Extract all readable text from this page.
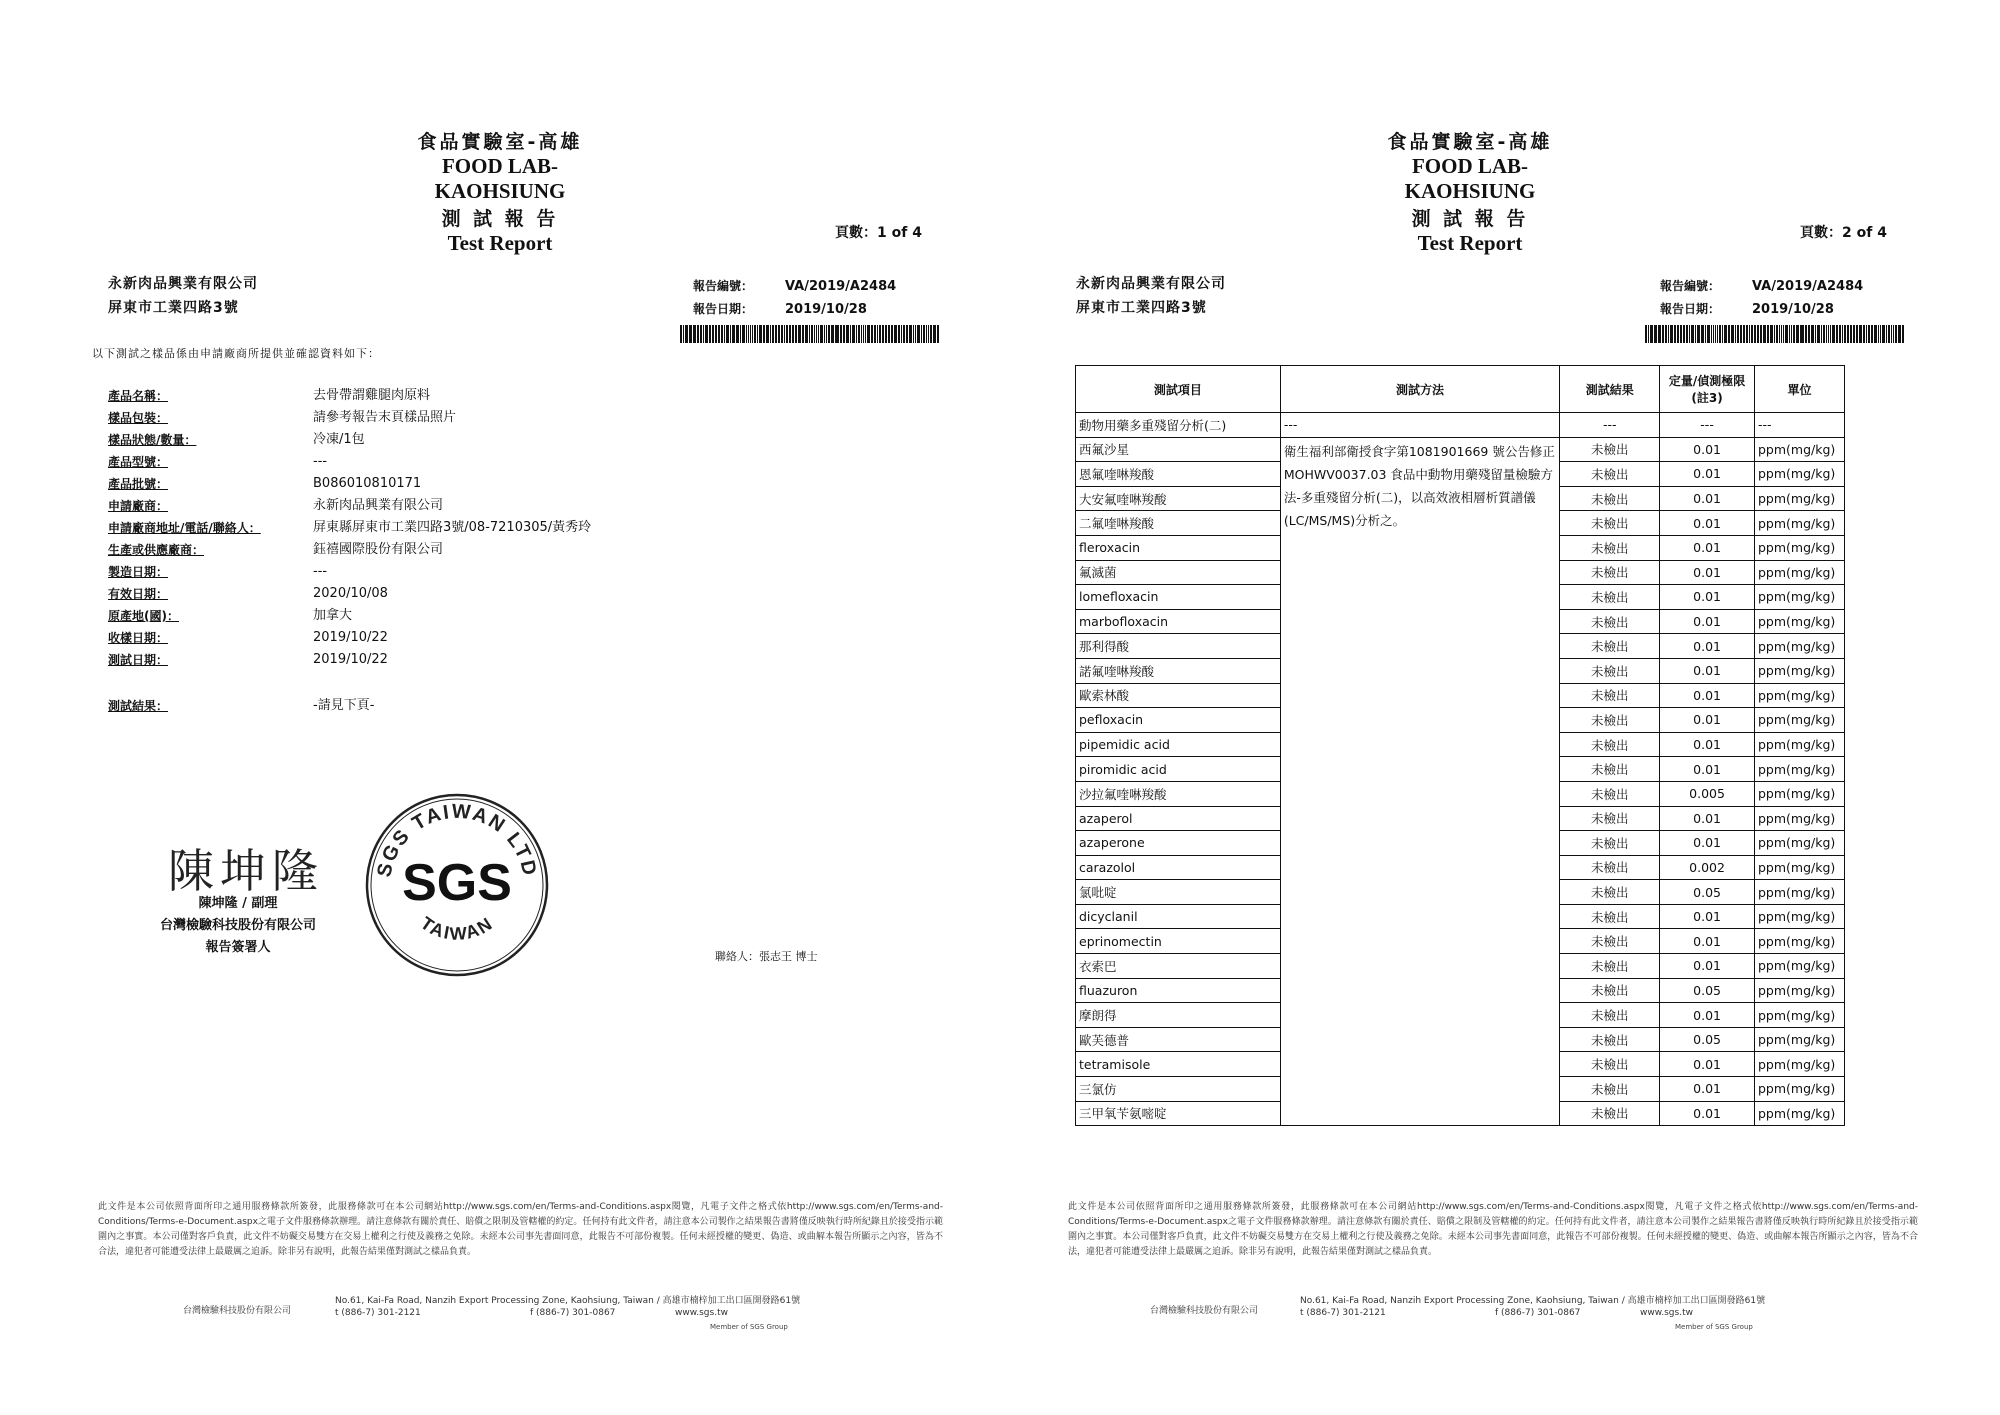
食品實驗室-高雄
FOOD LAB-KAOHSIUNG
測 試 報 告
Test Report	頁數：1 of 4
永新肉品興業有限公司
屏東市工業四路3號
報告編號：	VA/2019/A2484
報告日期：	2019/10/28
以下測試之樣品係由申請廠商所提供並確認資料如下：
產品名稱：	去骨帶謂雞腿肉原料
樣品包裝：	請參考報告末頁樣品照片
樣品狀態/數量：	冷凍/1包
產品型號：	---
產品批號：	B086010810171
申請廠商：	永新肉品興業有限公司
申請廠商地址/電話/聯絡人：	屏東縣屏東市工業四路3號/08-7210305/黃秀玲
生產或供應廠商：	鈺禧國際股份有限公司
製造日期：	---
有效日期：	2020/10/08
原產地(國)：	加拿大
收樣日期：	2019/10/22
測試日期：	2019/10/22
測試結果：	-請見下頁-
陳坤隆
陳坤隆 / 副理
台灣檢驗科技股份有限公司
報告簽署人
SGS TAIWAN LTD
SGS
TAIWAN
聯絡人：張志王 博士
此文件是本公司依照背面所印之通用服務條款所簽發，此服務條款可在本公司網站http://www.sgs.com/en/Terms-and-Conditions.aspx閱覽，凡電子文件之格式依http://www.sgs.com/en/Terms-and-Conditions/Terms-e-Document.aspx之電子文件服務條款辦理。請注意條款有關於責任、賠償之限制及管轄權的約定。任何持有此文件者，請注意本公司製作之結果報告書將僅反映執行時所紀錄且於接受指示範圍內之事實。本公司僅對客戶負責，此文件不妨礙交易雙方在交易上權利之行使及義務之免除。未經本公司事先書面同意，此報告不可部份複製。任何未經授權的變更、偽造、或曲解本報告所顯示之內容，皆為不合法，違犯者可能遭受法律上最嚴厲之追訴。除非另有說明，此報告結果僅對測試之樣品負責。
台灣檢驗科技股份有限公司
No.61, Kai-Fa Road, Nanzih Export Processing Zone, Kaohsiung, Taiwan / 高雄市楠梓加工出口區開發路61號
t (886-7) 301-2121	f (886-7) 301-0867	www.sgs.tw
Member of SGS Group
食品實驗室-高雄
FOOD LAB-KAOHSIUNG
測 試 報 告
Test Report	頁數：2 of 4
永新肉品興業有限公司
屏東市工業四路3號
報告編號：	VA/2019/A2484
報告日期：	2019/10/28
測試項目	測試方法	測試結果	定量/偵測極限(註3)	單位
動物用藥多重殘留分析(二)	---	---	---	---
西氟沙星	衛生福利部衛授食字第1081901669 號公告修正MOHWV0037.03 食品中動物用藥殘留量檢驗方法-多重殘留分析(二)，以高效液相層析質譜儀(LC/MS/MS)分析之。	未檢出	0.01	ppm(mg/kg)
恩氟喹啉羧酸		未檢出	0.01	ppm(mg/kg)
大安氟喹啉羧酸		未檢出	0.01	ppm(mg/kg)
二氟喹啉羧酸		未檢出	0.01	ppm(mg/kg)
fleroxacin		未檢出	0.01	ppm(mg/kg)
氟滅菌		未檢出	0.01	ppm(mg/kg)
lomefloxacin		未檢出	0.01	ppm(mg/kg)
marbofloxacin		未檢出	0.01	ppm(mg/kg)
那利得酸		未檢出	0.01	ppm(mg/kg)
諾氟喹啉羧酸		未檢出	0.01	ppm(mg/kg)
歐索林酸		未檢出	0.01	ppm(mg/kg)
pefloxacin		未檢出	0.01	ppm(mg/kg)
pipemidic acid		未檢出	0.01	ppm(mg/kg)
piromidic acid		未檢出	0.01	ppm(mg/kg)
沙拉氟喹啉羧酸		未檢出	0.005	ppm(mg/kg)
azaperol		未檢出	0.01	ppm(mg/kg)
azaperone		未檢出	0.01	ppm(mg/kg)
carazolol		未檢出	0.002	ppm(mg/kg)
氯吡啶		未檢出	0.05	ppm(mg/kg)
dicyclanil		未檢出	0.01	ppm(mg/kg)
eprinomectin		未檢出	0.01	ppm(mg/kg)
衣索巴		未檢出	0.01	ppm(mg/kg)
fluazuron		未檢出	0.05	ppm(mg/kg)
摩朗得		未檢出	0.01	ppm(mg/kg)
歐芙德普		未檢出	0.05	ppm(mg/kg)
tetramisole		未檢出	0.01	ppm(mg/kg)
三氯仿		未檢出	0.01	ppm(mg/kg)
三甲氧苄氨嘧啶		未檢出	0.01	ppm(mg/kg)
此文件是本公司依照背面所印之通用服務條款所簽發，此服務條款可在本公司網站http://www.sgs.com/en/Terms-and-Conditions.aspx閱覽，凡電子文件之格式依http://www.sgs.com/en/Terms-and-Conditions/Terms-e-Document.aspx之電子文件服務條款辦理。請注意條款有關於責任、賠償之限制及管轄權的約定。任何持有此文件者，請注意本公司製作之結果報告書將僅反映執行時所紀錄且於接受指示範圍內之事實。本公司僅對客戶負責，此文件不妨礙交易雙方在交易上權利之行使及義務之免除。未經本公司事先書面同意，此報告不可部份複製。任何未經授權的變更、偽造、或曲解本報告所顯示之內容，皆為不合法，違犯者可能遭受法律上最嚴厲之追訴。除非另有說明，此報告結果僅對測試之樣品負責。
台灣檢驗科技股份有限公司
No.61, Kai-Fa Road, Nanzih Export Processing Zone, Kaohsiung, Taiwan / 高雄市楠梓加工出口區開發路61號
t (886-7) 301-2121	f (886-7) 301-0867	www.sgs.tw
Member of SGS Group
